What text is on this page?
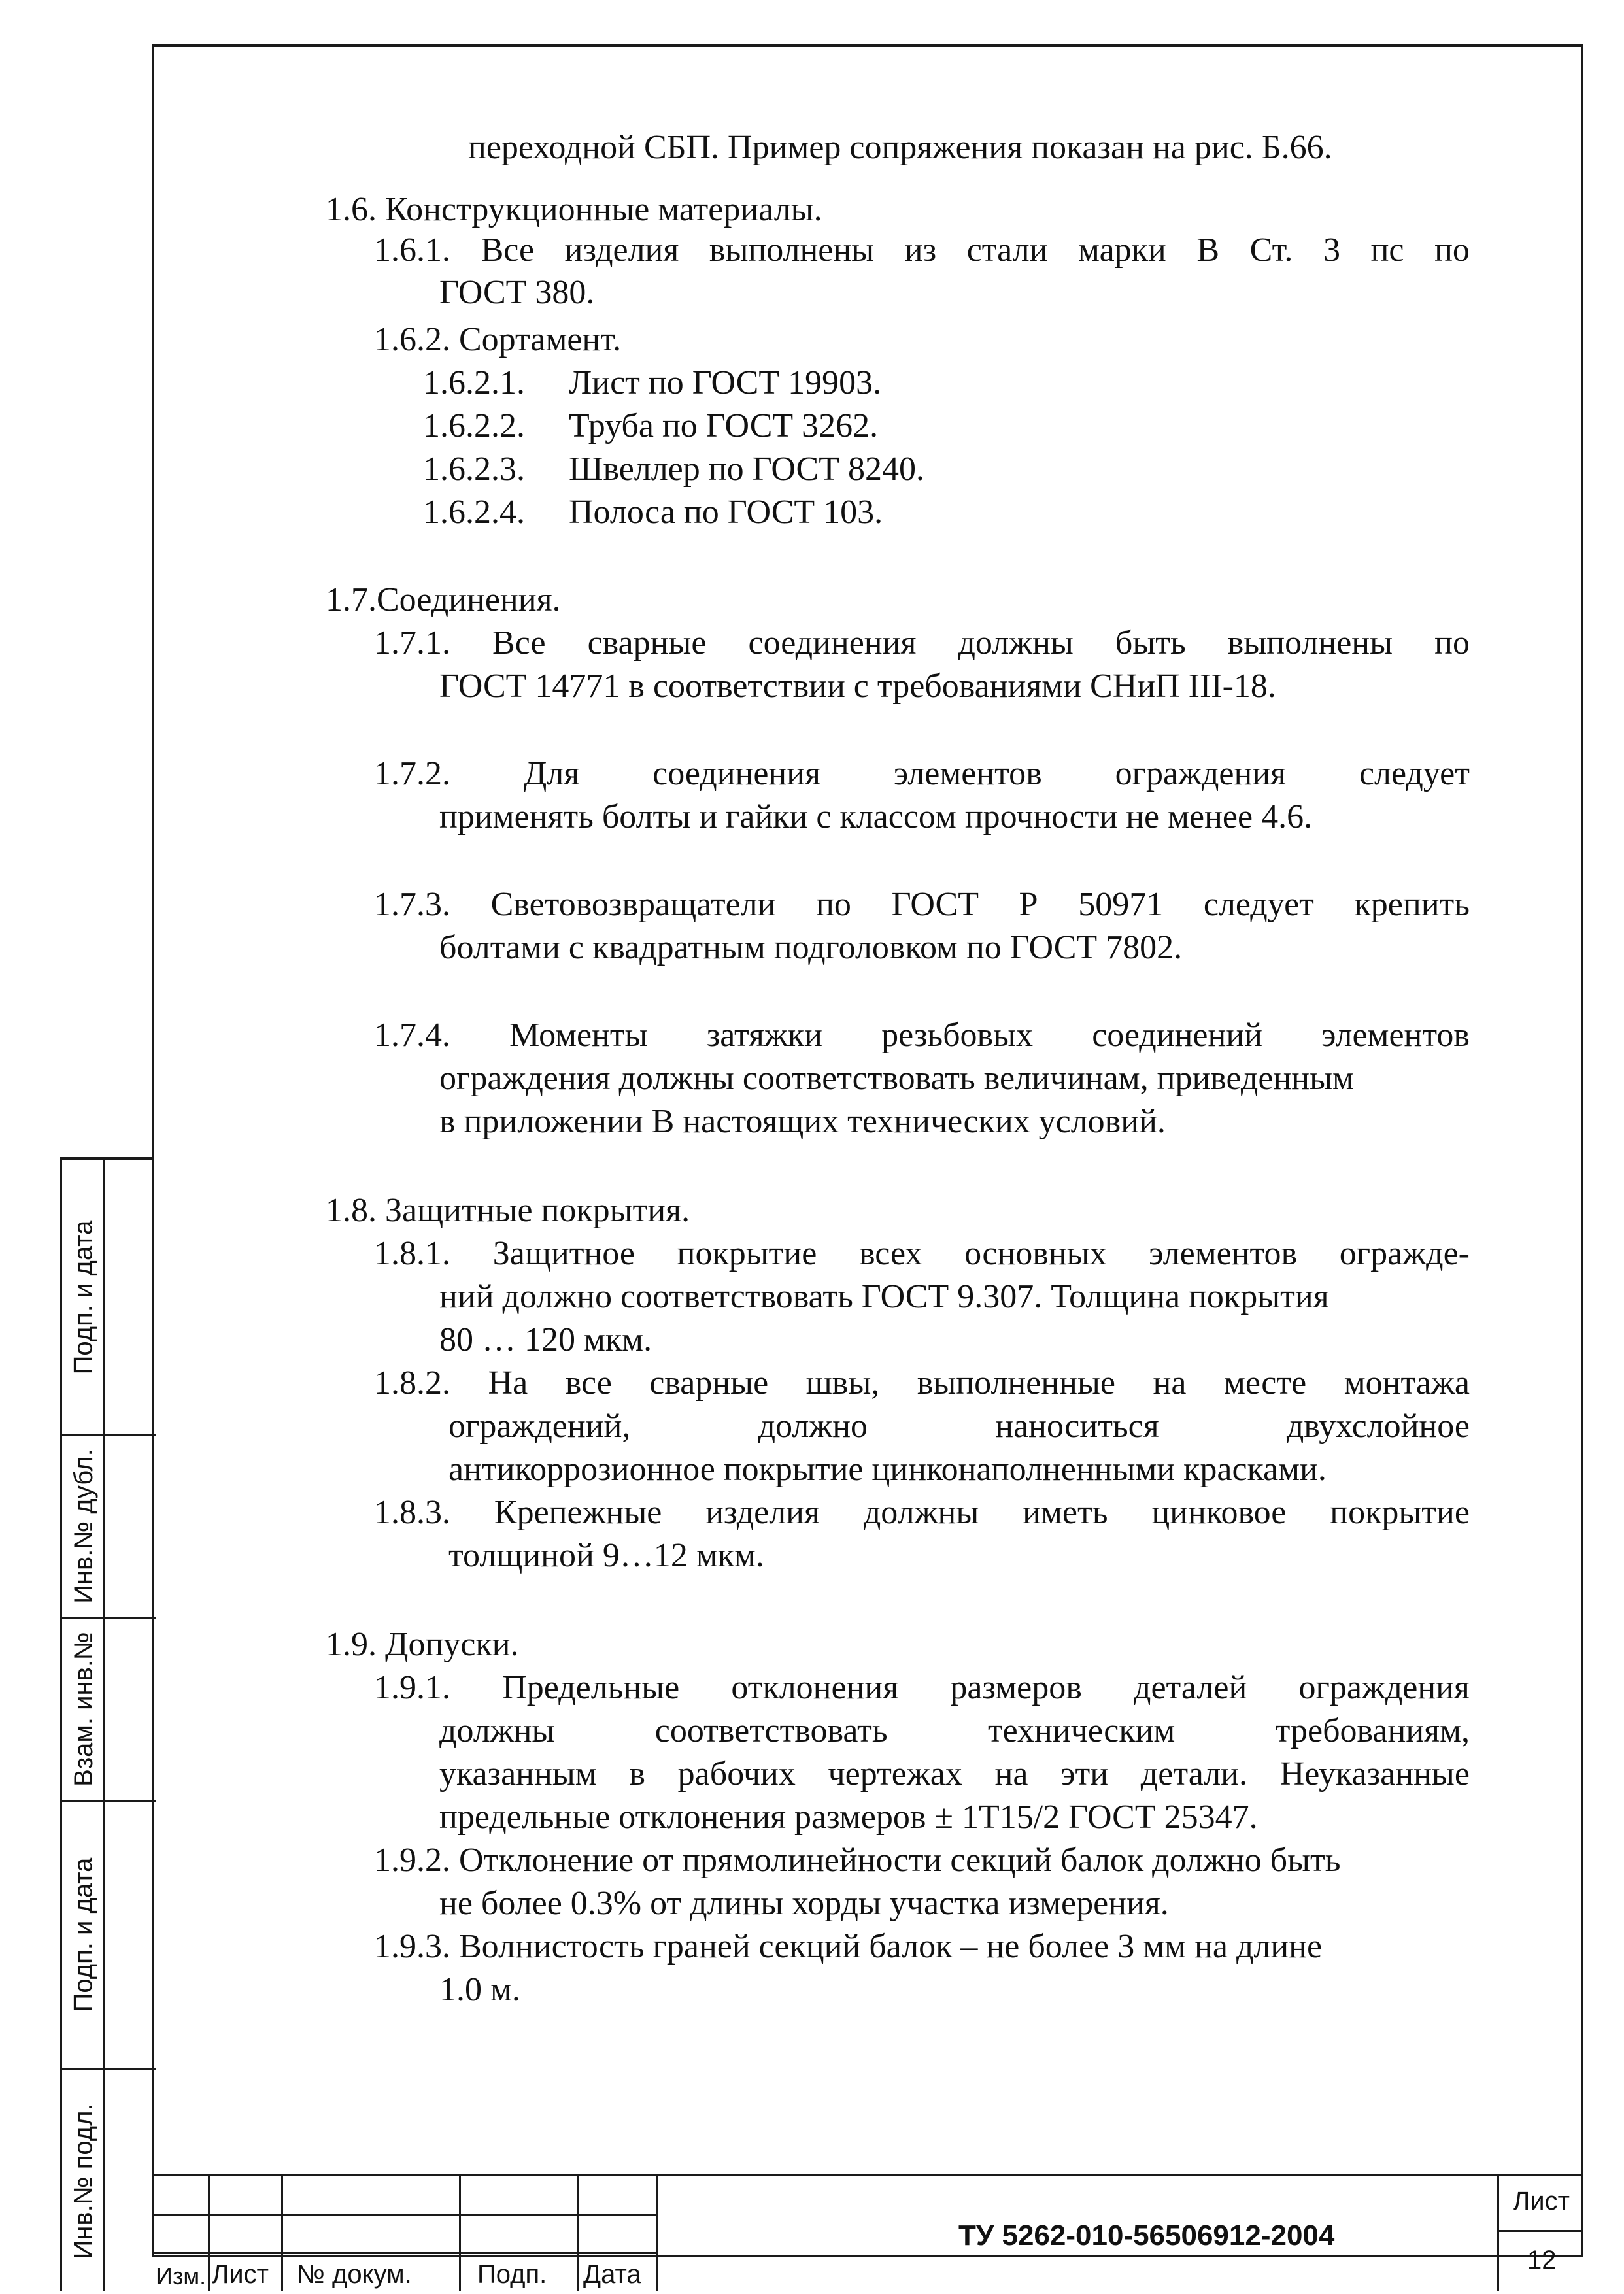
переходной СБП. Пример сопряжения показан на рис. Б.66.
1.6. Конструкционные материалы.
1.6.1. Все изделия выполнены из стали марки В Ст. 3 пс по
ГОСТ 380.
1.6.2. Сортамент.
1.6.2.1. Лист по ГОСТ 19903.
1.6.2.2. Труба по ГОСТ 3262.
1.6.2.3. Швеллер по ГОСТ 8240.
1.6.2.4. Полоса по ГОСТ 103.
1.7.Соединения.
1.7.1. Все сварные соединения должны быть выполнены по
ГОСТ 14771 в соответствии с требованиями СНиП III-18.
1.7.2. Для соединения элементов ограждения следует
применять болты и гайки с классом прочности не менее 4.6.
1.7.3. Световозвращатели по ГОСТ Р 50971 следует крепить
болтами с квадратным подголовком по ГОСТ 7802.
1.7.4. Моменты затяжки резьбовых соединений элементов
ограждения должны соответствовать величинам, приведенным
в приложении В настоящих технических условий.
1.8. Защитные покрытия.
1.8.1. Защитное покрытие всех основных элементов огражде-
ний должно соответствовать ГОСТ 9.307. Толщина покрытия
80 … 120 мкм.
1.8.2. На все сварные швы, выполненные на месте монтажа
ограждений,	должно	наноситься	двухслойное
антикоррозионное покрытие цинконаполненными красками.
1.8.3. Крепежные изделия должны иметь цинковое покрытие
толщиной 9…12 мкм.
1.9. Допуски.
1.9.1. Предельные отклонения размеров деталей ограждения
должны	соответствовать	техническим	требованиям,
указанным в рабочих чертежах на эти детали. Неуказанные
предельные отклонения размеров ± 1T15/2 ГОСТ 25347.
1.9.2. Отклонение от прямолинейности секций балок должно быть
не более 0.3% от длины хорды участка измерения.
1.9.3. Волнистость граней секций балок – не более 3 мм на длине
1.0 м.
Подп. и дата
Инв.№ дубл.
Взам. инв.№
Подп. и дата
Инв.№ подл.
Изм. Лист № докум.	Подп. Дата
ТУ 5262-010-56506912-2004
Лист
12
